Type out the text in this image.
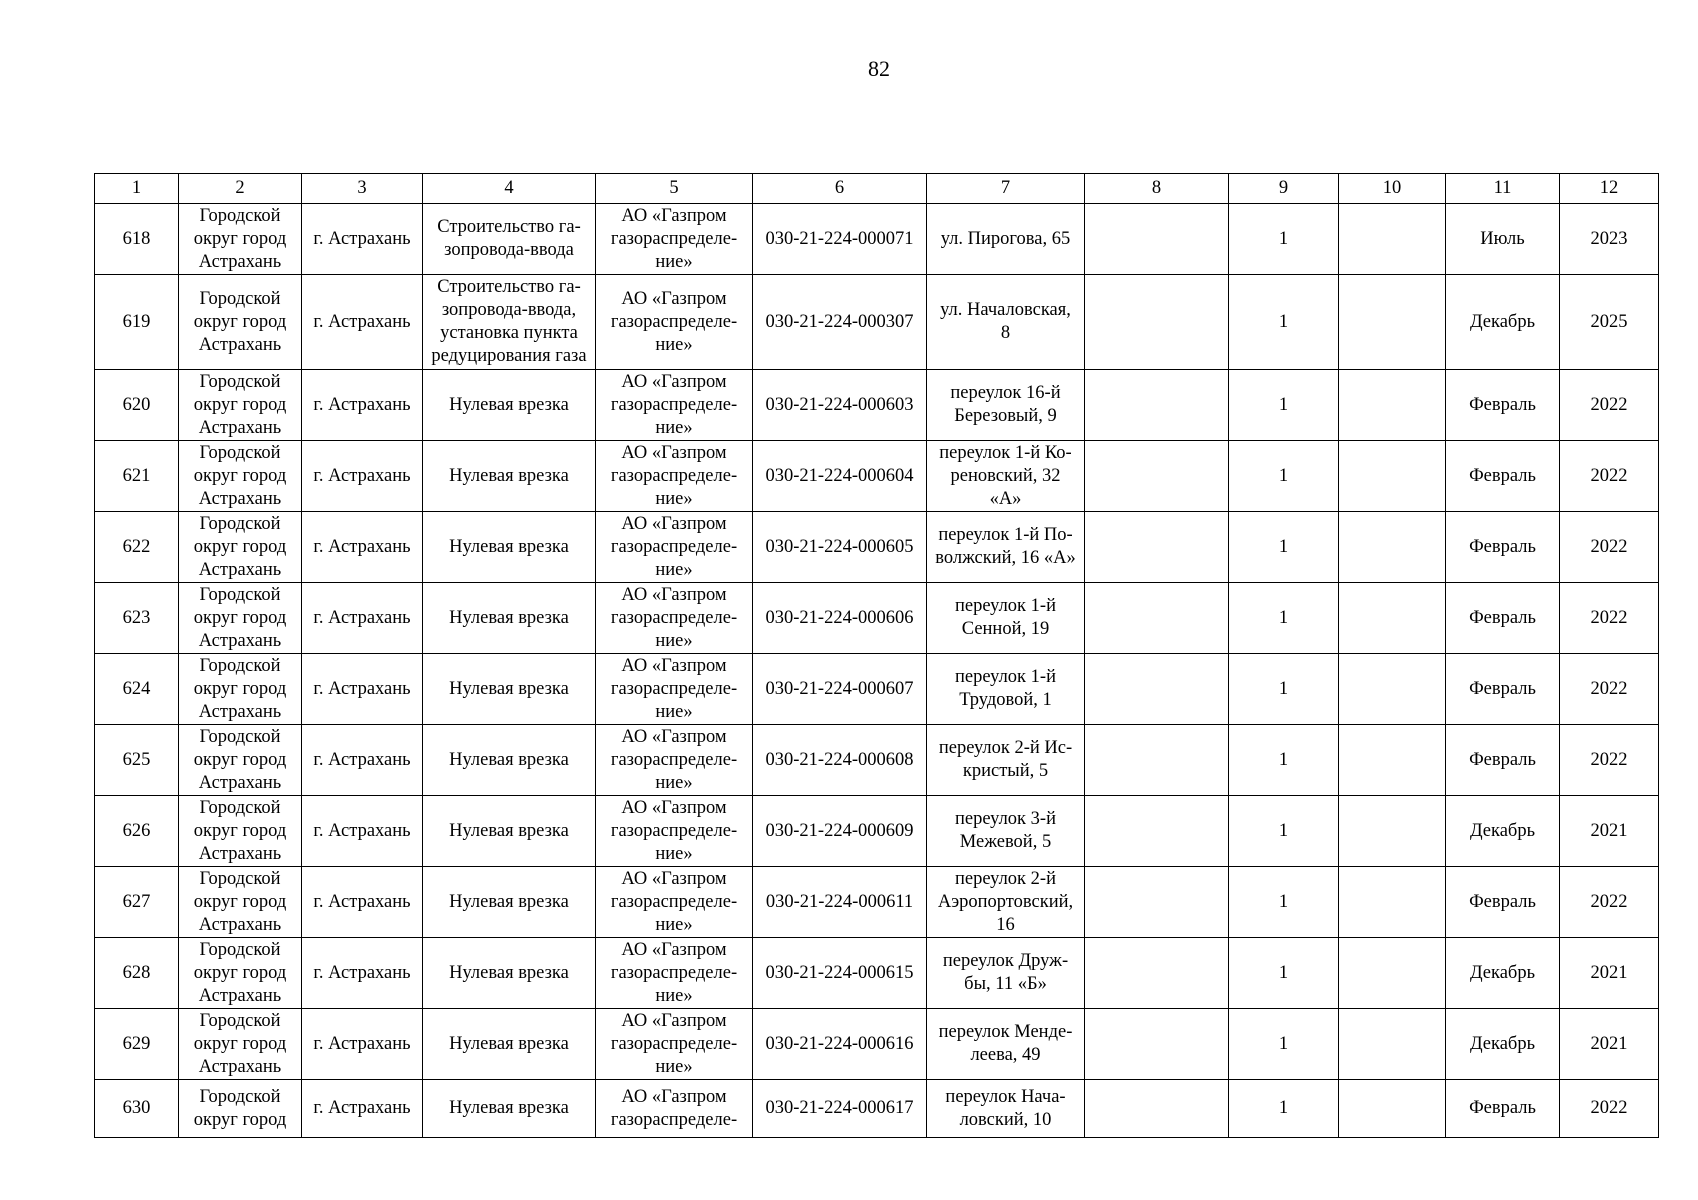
82
1	2	3	4	5	6	7	8	9	10	11	12
618	Городской
округ город
Астрахань	г. Астрахань	Строительство га-
зопровода-ввода	АО «Газпром
газораспределе-
ние»	030-21-224-000071	ул. Пирогова, 65		1		Июль	2023
619	Городской
округ город
Астрахань	г. Астрахань	Строительство га-
зопровода-ввода,
установка пункта
редуцирования газа	АО «Газпром
газораспределе-
ние»	030-21-224-000307	ул. Началовская,
8		1		Декабрь	2025
620	Городской
округ город
Астрахань	г. Астрахань	Нулевая врезка	АО «Газпром
газораспределе-
ние»	030-21-224-000603	переулок 16-й
Березовый, 9		1		Февраль	2022
621	Городской
округ город
Астрахань	г. Астрахань	Нулевая врезка	АО «Газпром
газораспределе-
ние»	030-21-224-000604	переулок 1-й Ко-
реновский, 32
«А»		1		Февраль	2022
622	Городской
округ город
Астрахань	г. Астрахань	Нулевая врезка	АО «Газпром
газораспределе-
ние»	030-21-224-000605	переулок 1-й По-
волжский, 16 «А»		1		Февраль	2022
623	Городской
округ город
Астрахань	г. Астрахань	Нулевая врезка	АО «Газпром
газораспределе-
ние»	030-21-224-000606	переулок 1-й
Сенной, 19		1		Февраль	2022
624	Городской
округ город
Астрахань	г. Астрахань	Нулевая врезка	АО «Газпром
газораспределе-
ние»	030-21-224-000607	переулок 1-й
Трудовой, 1		1		Февраль	2022
625	Городской
округ город
Астрахань	г. Астрахань	Нулевая врезка	АО «Газпром
газораспределе-
ние»	030-21-224-000608	переулок 2-й Ис-
кристый, 5		1		Февраль	2022
626	Городской
округ город
Астрахань	г. Астрахань	Нулевая врезка	АО «Газпром
газораспределе-
ние»	030-21-224-000609	переулок 3-й
Межевой, 5		1		Декабрь	2021
627	Городской
округ город
Астрахань	г. Астрахань	Нулевая врезка	АО «Газпром
газораспределе-
ние»	030-21-224-000611	переулок 2-й
Аэропортовский,
16		1		Февраль	2022
628	Городской
округ город
Астрахань	г. Астрахань	Нулевая врезка	АО «Газпром
газораспределе-
ние»	030-21-224-000615	переулок Друж-
бы, 11 «Б»		1		Декабрь	2021
629	Городской
округ город
Астрахань	г. Астрахань	Нулевая врезка	АО «Газпром
газораспределе-
ние»	030-21-224-000616	переулок Менде-
леева, 49		1		Декабрь	2021
630	Городской
округ город	г. Астрахань	Нулевая врезка	АО «Газпром
газораспределе-	030-21-224-000617	переулок Нача-
ловский, 10		1		Февраль	2022
